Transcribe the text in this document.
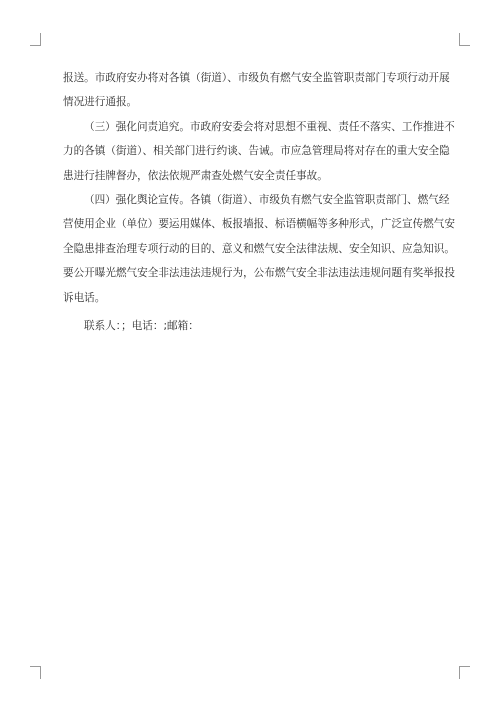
报送。市政府安办将对各镇（街道）、市级负有燃气安全监管职责部门专项行动开展
情况进行通报。
（三）强化问责追究。市政府安委会将对思想不重视、责任不落实、工作推进不
力的各镇（街道）、相关部门进行约谈、告诫。市应急管理局将对存在的重大安全隐
患进行挂牌督办，依法依规严肃查处燃气安全责任事故。
（四）强化舆论宣传。各镇（街道）、市级负有燃气安全监管职责部门、燃气经
营使用企业（单位）要运用媒体、板报墙报、标语横幅等多种形式，广泛宣传燃气安
全隐患排查治理专项行动的目的、意义和燃气安全法律法规、安全知识、应急知识。
要公开曝光燃气安全非法违法违规行为，公布燃气安全非法违法违规问题有奖举报投
诉电话。
联系人：；电话：;邮箱：
